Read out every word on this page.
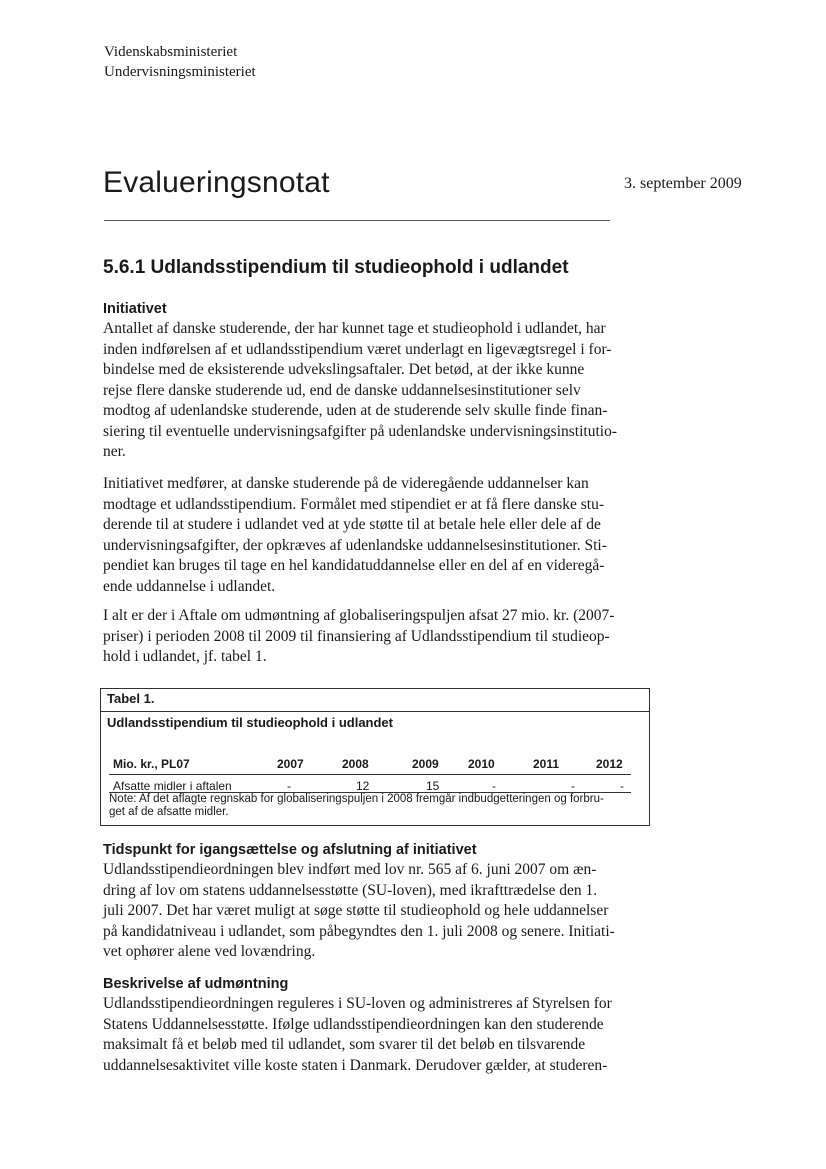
Videnskabsministeriet
Undervisningsministeriet
Evalueringsnotat	3. september 2009
5.6.1 Udlandsstipendium til studieophold i udlandet
Initiativet

Antallet af danske studerende, der har kunnet tage et studieophold i udlandet, har
inden indførelsen af et udlandsstipendium været underlagt en ligevægtsregel i for-
bindelse med de eksisterende udvekslingsaftaler. Det betød, at der ikke kunne
rejse flere danske studerende ud, end de danske uddannelsesinstitutioner selv
modtog af udenlandske studerende, uden at de studerende selv skulle finde finan-
siering til eventuelle undervisningsafgifter på udenlandske undervisningsinstitutio-
ner.

Initiativet medfører, at danske studerende på de videregående uddannelser kan
modtage et udlandsstipendium. Formålet med stipendiet er at få flere danske stu-
derende til at studere i udlandet ved at yde støtte til at betale hele eller dele af de
undervisningsafgifter, der opkræves af udenlandske uddannelsesinstitutioner. Sti-
pendiet kan bruges til tage en hel kandidatuddannelse eller en del af en videregå-
ende uddannelse i udlandet.

I alt er der i Aftale om udmøntning af globaliseringspuljen afsat 27 mio. kr. (2007-
priser) i perioden 2008 til 2009 til finansiering af Udlandsstipendium til studieop-
hold i udlandet, jf. tabel 1.

Tabel 1.
Udlandsstipendium til studieophold i udlandet
Mio. kr., PL07	2007	2008	2009 2010	2011	2012
Afsatte midler i aftalen	-	12	15	-	-	-
Note: Af det aflagte regnskab for globaliseringspuljen i 2008 fremgår indbudgetteringen og forbru-
get af de afsatte midler.
Tidspunkt for igangsættelse og afslutning af initiativet

Udlandsstipendieordningen blev indført med lov nr. 565 af 6. juni 2007 om æn-
dring af lov om statens uddannelsesstøtte (SU-loven), med ikrafttrædelse den 1.
juli 2007. Det har været muligt at søge støtte til studieophold og hele uddannelser
på kandidatniveau i udlandet, som påbegyndtes den 1. juli 2008 og senere. Initiati-
vet ophører alene ved lovændring.

Beskrivelse af udmøntning

Udlandsstipendieordningen reguleres i SU-loven og administreres af Styrelsen for
Statens Uddannelsesstøtte. Ifølge udlandsstipendieordningen kan den studerende
maksimalt få et beløb med til udlandet, som svarer til det beløb en tilsvarende
uddannelsesaktivitet ville koste staten i Danmark. Derudover gælder, at studeren-
